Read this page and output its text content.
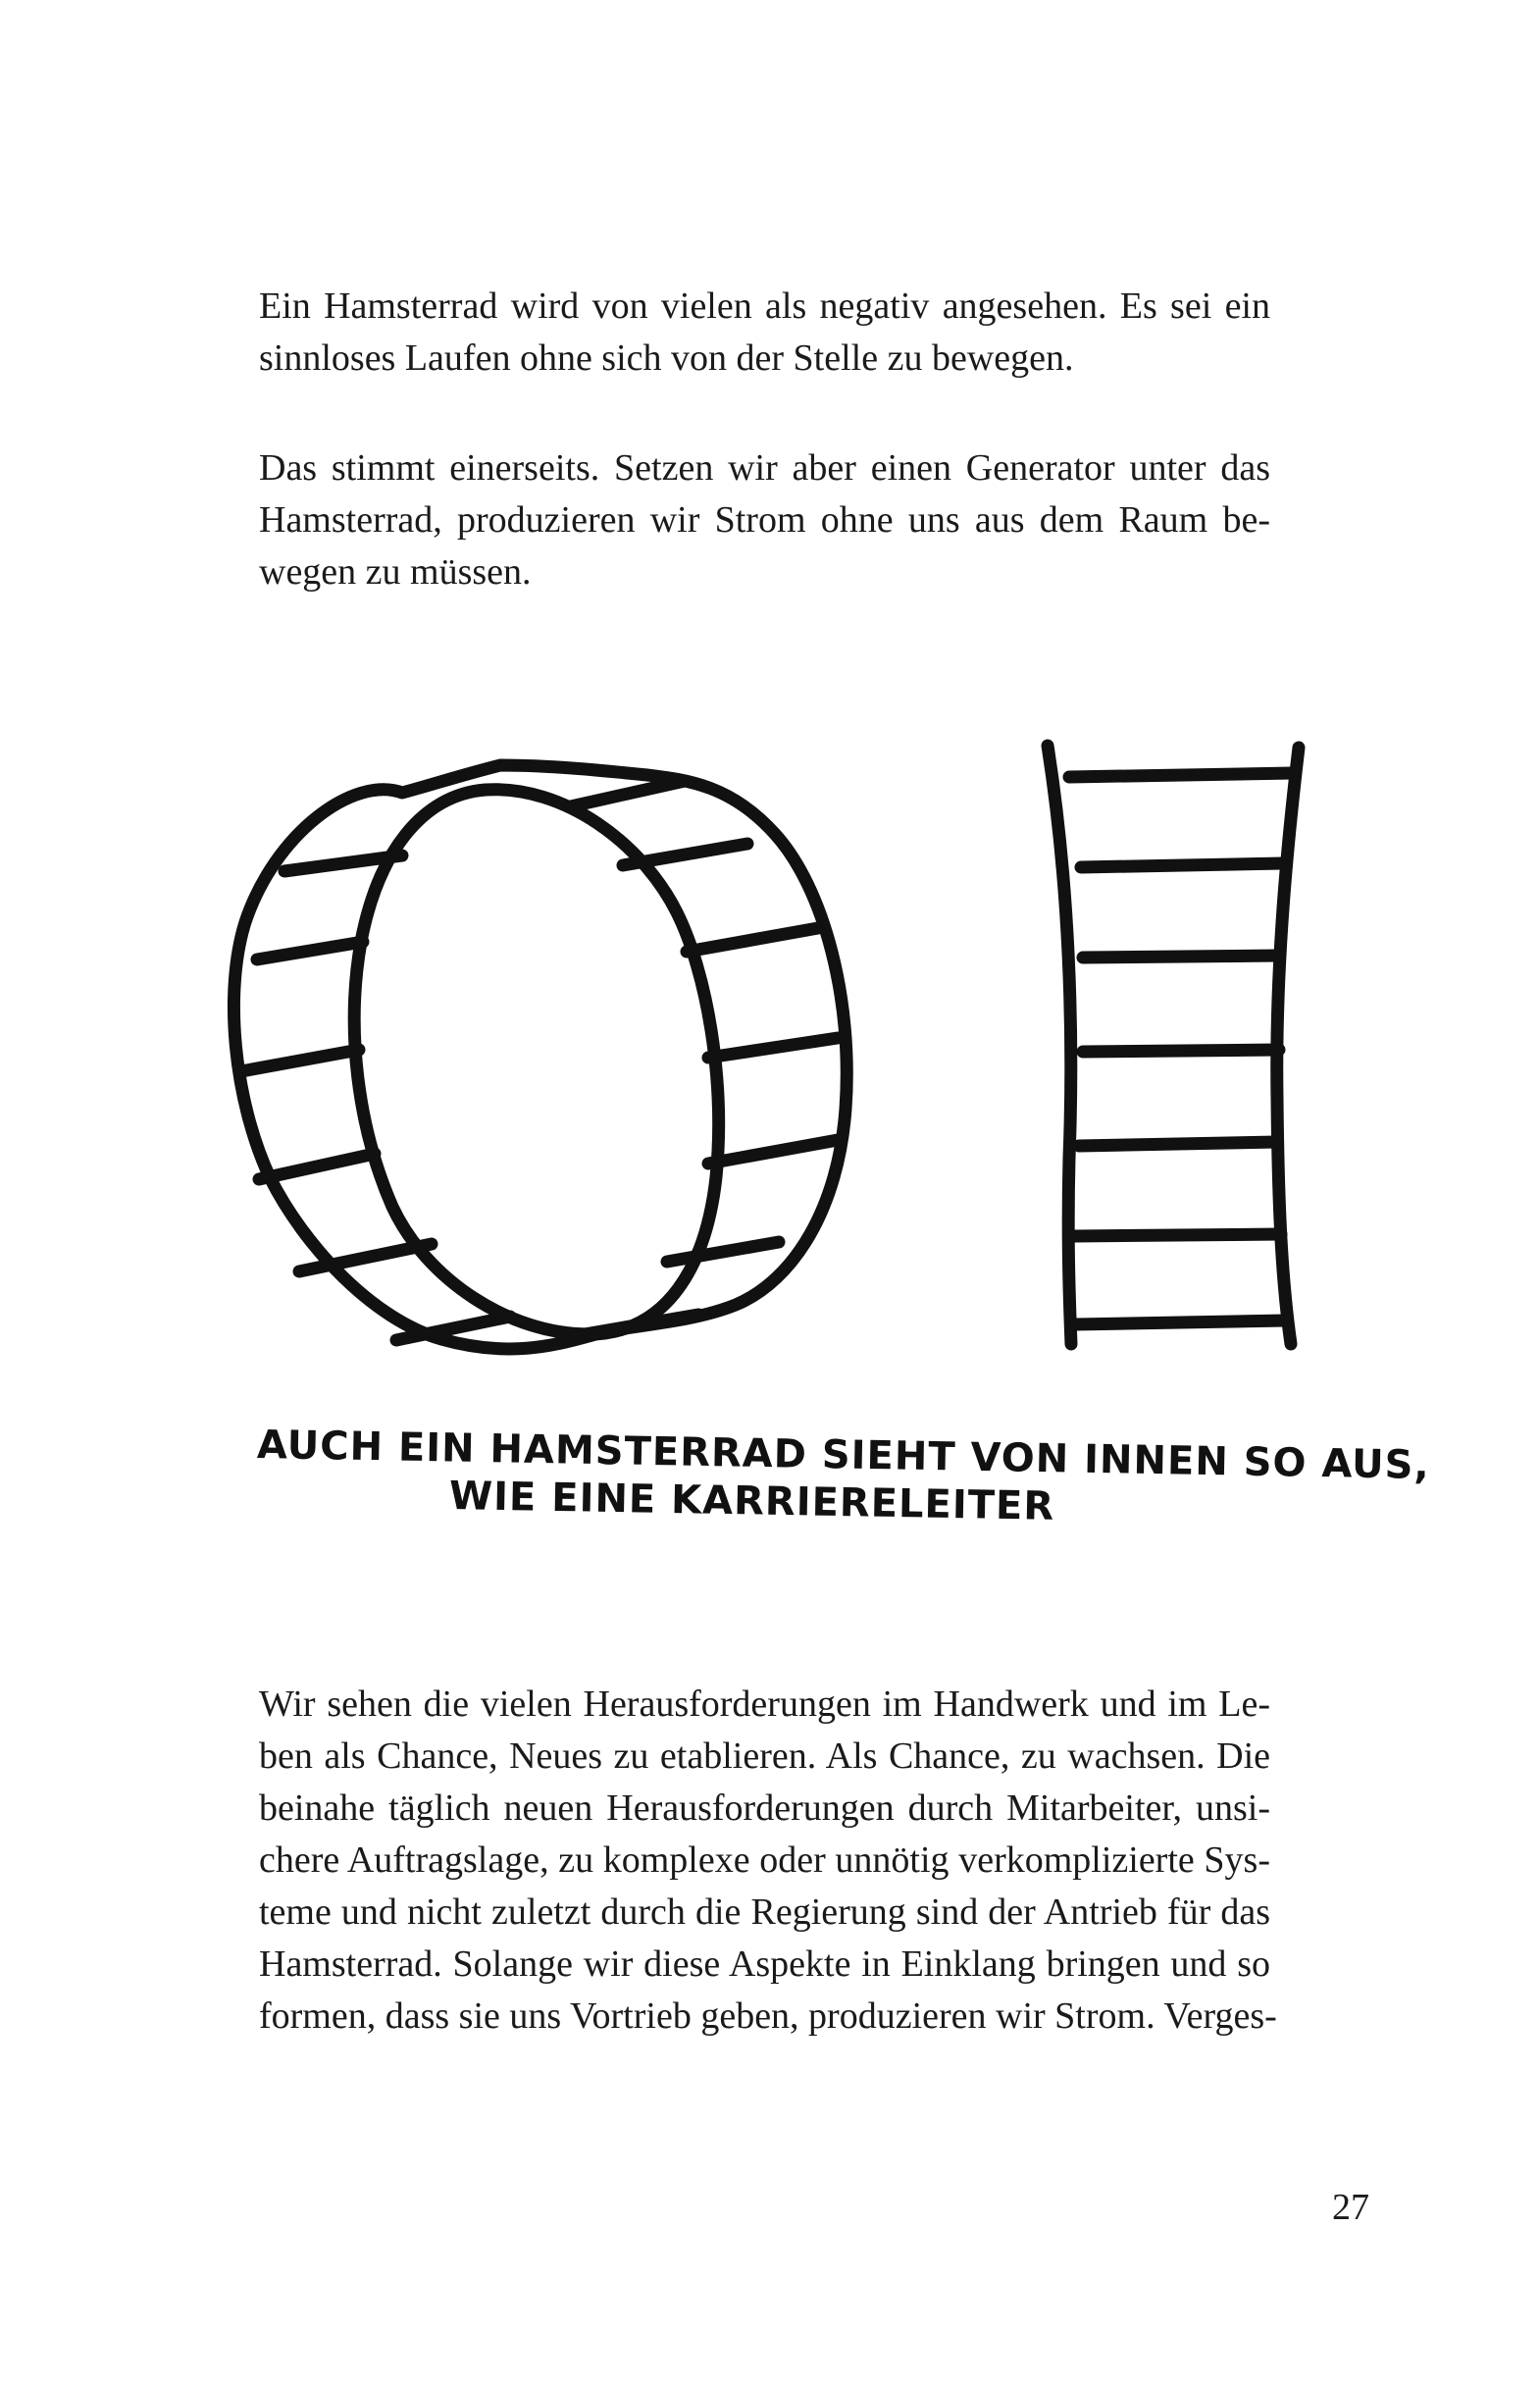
Ein Hamsterrad wird von vielen als negativ angesehen. Es sei ein
sinnloses Laufen ohne sich von der Stelle zu bewegen.

Das stimmt einerseits. Setzen wir aber einen Generator unter das
Hamsterrad, produzieren wir Strom ohne uns aus dem Raum be-
wegen zu müssen.

AUCH EIN HAMSTERRAD SIEHT VON INNEN SO AUS,
WIE EINE KARRIERELEITER

Wir sehen die vielen Herausforderungen im Handwerk und im Le-
ben als Chance, Neues zu etablieren. Als Chance, zu wachsen. Die
beinahe täglich neuen Herausforderungen durch Mitarbeiter, unsi-
chere Auftragslage, zu komplexe oder unnötig verkomplizierte Sys-
teme und nicht zuletzt durch die Regierung sind der Antrieb für das
Hamsterrad. Solange wir diese Aspekte in Einklang bringen und so
formen, dass sie uns Vortrieb geben, produzieren wir Strom. Verges-

27
